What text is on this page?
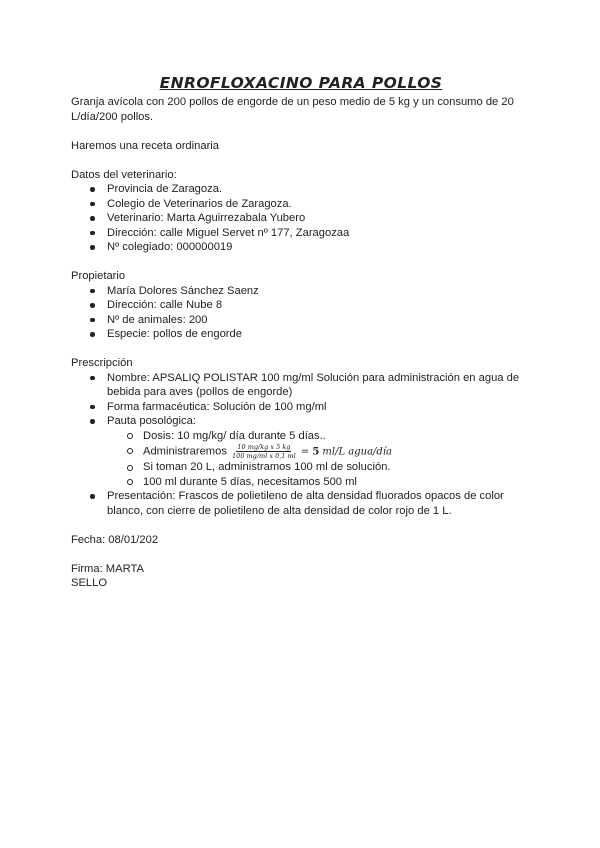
ENROFLOXACINO PARA POLLOS

Granja avícola con 200 pollos de engorde de un peso medio de 5 kg y un consumo de 20 L/día/200 pollos.

Haremos una receta ordinaria

Datos del veterinario:

Provincia de Zaragoza.
Colegio de Veterinarios de Zaragoza.
Veterinario: Marta Aguirrezabala Yubero
Dirección: calle Miguel Servet nº 177, Zaragozaa
Nº colegiado: 000000019

Propietario

María Dolores Sánchez Saenz
Dirección: calle Nube 8
Nº de animales: 200
Especie: pollos de engorde

Prescripción

Nombre: APSALIQ POLISTAR 100 mg/ml Solución para administración en agua de bebida para aves (pollos de engorde)
Forma farmacéutica: Solución de 100 mg/ml
Pauta posológica:
Dosis: 10 mg/kg/ día durante 5 días..
Administraremos $\frac{\text{10 mg/kg x 5 kg}}{\text{100 mg/ml x 0,1 ml}} = 5$ ml/L agua/día
Si toman 20 L, administramos 100 ml de solución.
100 ml durante 5 días, necesitamos 500 ml
Presentación: Frascos de polietileno de alta densidad fluorados opacos de color blanco, con cierre de polietileno de alta densidad de color rojo de 1 L.

Fecha: 08/01/202

Firma: MARTA

SELLO
